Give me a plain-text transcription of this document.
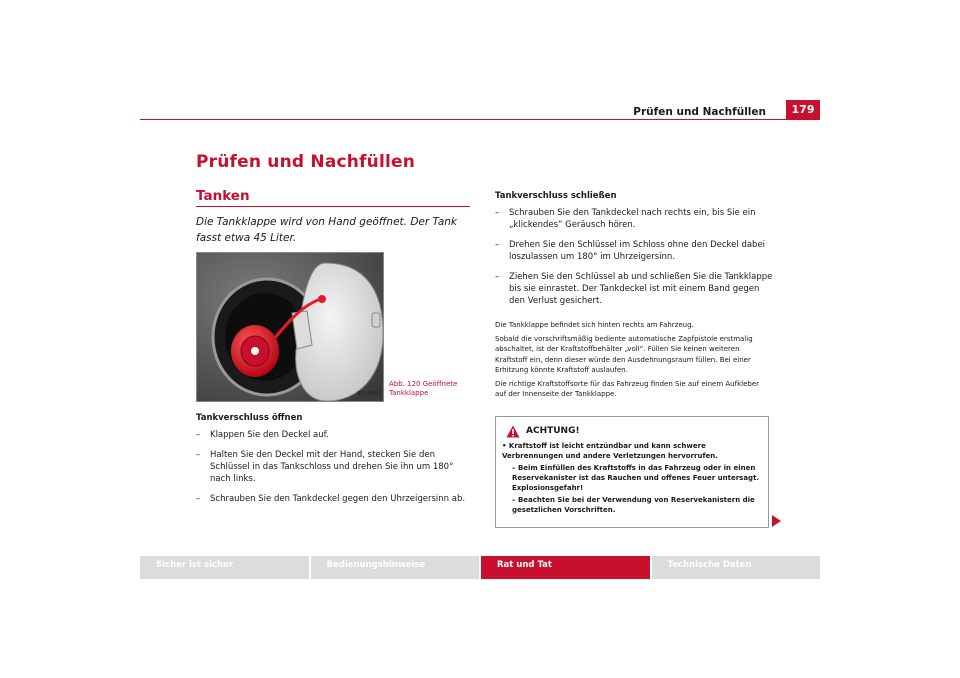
Prüfen und Nachfüllen	179
Prüfen und Nachfüllen
Tanken
Die Tankklappe wird von Hand geöffnet. Der Tank fasst etwa 45 Liter.
B6L-0060
Abb. 120 Geöffnete Tankklappe
Tankverschluss öffnen
– Klappen Sie den Deckel auf.
– Halten Sie den Deckel mit der Hand, stecken Sie den Schlüssel in das Tankschloss und drehen Sie ihn um 180° nach links.
– Schrauben Sie den Tankdeckel gegen den Uhrzeigersinn ab.
Tankverschluss schließen
– Schrauben Sie den Tankdeckel nach rechts ein, bis Sie ein „klickendes“ Geräusch hören.
– Drehen Sie den Schlüssel im Schloss ohne den Deckel dabei loszulassen um 180° im Uhrzeigersinn.
– Ziehen Sie den Schlüssel ab und schließen Sie die Tankklappe bis sie einrastet. Der Tankdeckel ist mit einem Band gegen den Verlust gesichert.

Die Tankklappe befindet sich hinten rechts am Fahrzeug.

Sobald die vorschriftsmäßig bediente automatische Zapfpistole erstmalig abschaltet, ist der Kraftstoffbehälter „voll“. Füllen Sie keinen weiteren Kraftstoff ein, denn dieser würde den Ausdehnungsraum füllen. Bei einer Erhitzung könnte Kraftstoff auslaufen.

Die richtige Kraftstoffsorte für das Fahrzeug finden Sie auf einem Aufkleber auf der Innenseite der Tankklappe.

ACHTUNG!

• Kraftstoff ist leicht entzündbar und kann schwere Verbrennungen und andere Verletzungen hervorrufen.

– Beim Einfüllen des Kraftstoffs in das Fahrzeug oder in einen Reservekanister ist das Rauchen und offenes Feuer untersagt. Explosionsgefahr!

– Beachten Sie bei der Verwendung von Reservekanistern die gesetzlichen Vorschriften.

Sicher ist sicher	Bedienungshinweise	Rat und Tat	Technische Daten
